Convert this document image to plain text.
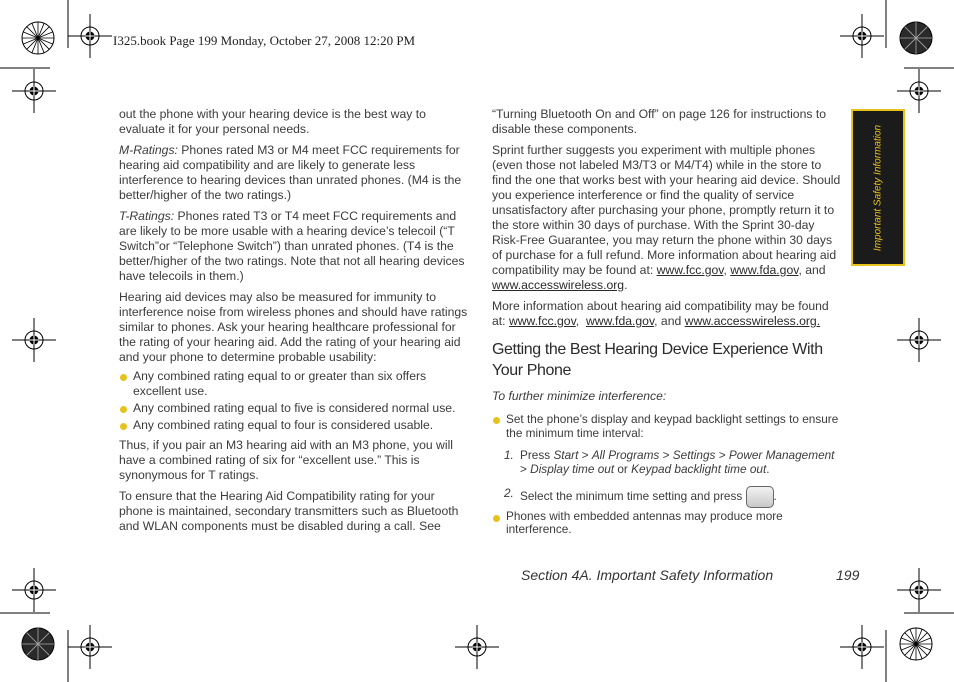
I325.book Page 199 Monday, October 27, 2008 12:20 PM
Important Safety Information

out the phone with your hearing device is the best way to evaluate it for your personal needs.

M-Ratings: Phones rated M3 or M4 meet FCC requirements for hearing aid compatibility and are likely to generate less interference to hearing devices than unrated phones. (M4 is the better/higher of the two ratings.)

T-Ratings: Phones rated T3 or T4 meet FCC requirements and are likely to be more usable with a hearing device’s telecoil (“T Switch”or “Telephone Switch”) than unrated phones. (T4 is the better/higher of the two ratings. Note that not all hearing devices have telecoils in them.)

Hearing aid devices may also be measured for immunity to interference noise from wireless phones and should have ratings similar to phones. Ask your hearing healthcare professional for the rating of your hearing aid. Add the rating of your hearing aid and your phone to determine probable usability:

Any combined rating equal to or greater than six offers excellent use.
Any combined rating equal to five is considered normal use.
Any combined rating equal to four is considered usable.

Thus, if you pair an M3 hearing aid with an M3 phone, you will have a combined rating of six for “excellent use.” This is synonymous for T ratings.

To ensure that the Hearing Aid Compatibility rating for your phone is maintained, secondary transmitters such as Bluetooth and WLAN components must be disabled during a call. See

“Turning Bluetooth On and Off” on page 126 for instructions to disable these components.

Sprint further suggests you experiment with multiple phones (even those not labeled M3/T3 or M4/T4) while in the store to find the one that works best with your hearing aid device. Should you experience interference or find the quality of service unsatisfactory after purchasing your phone, promptly return it to the store within 30 days of purchase. With the Sprint 30-day Risk-Free Guarantee, you may return the phone within 30 days of purchase for a full refund. More information about hearing aid compatibility may be found at: www.fcc.gov, www.fda.gov, and www.accesswireless.org.

More information about hearing aid compatibility may be found at: www.fcc.gov,  www.fda.gov, and www.accesswireless.org.

Getting the Best Hearing Device Experience With Your Phone
To further minimize interference:
Set the phone’s display and keypad backlight settings to ensure the minimum time interval:
1. Press Start > All Programs > Settings > Power Management > Display time out or Keypad backlight time out.
2. Select the minimum time setting and press .
Phones with embedded antennas may produce more interference.
Section 4A. Important Safety Information	199
